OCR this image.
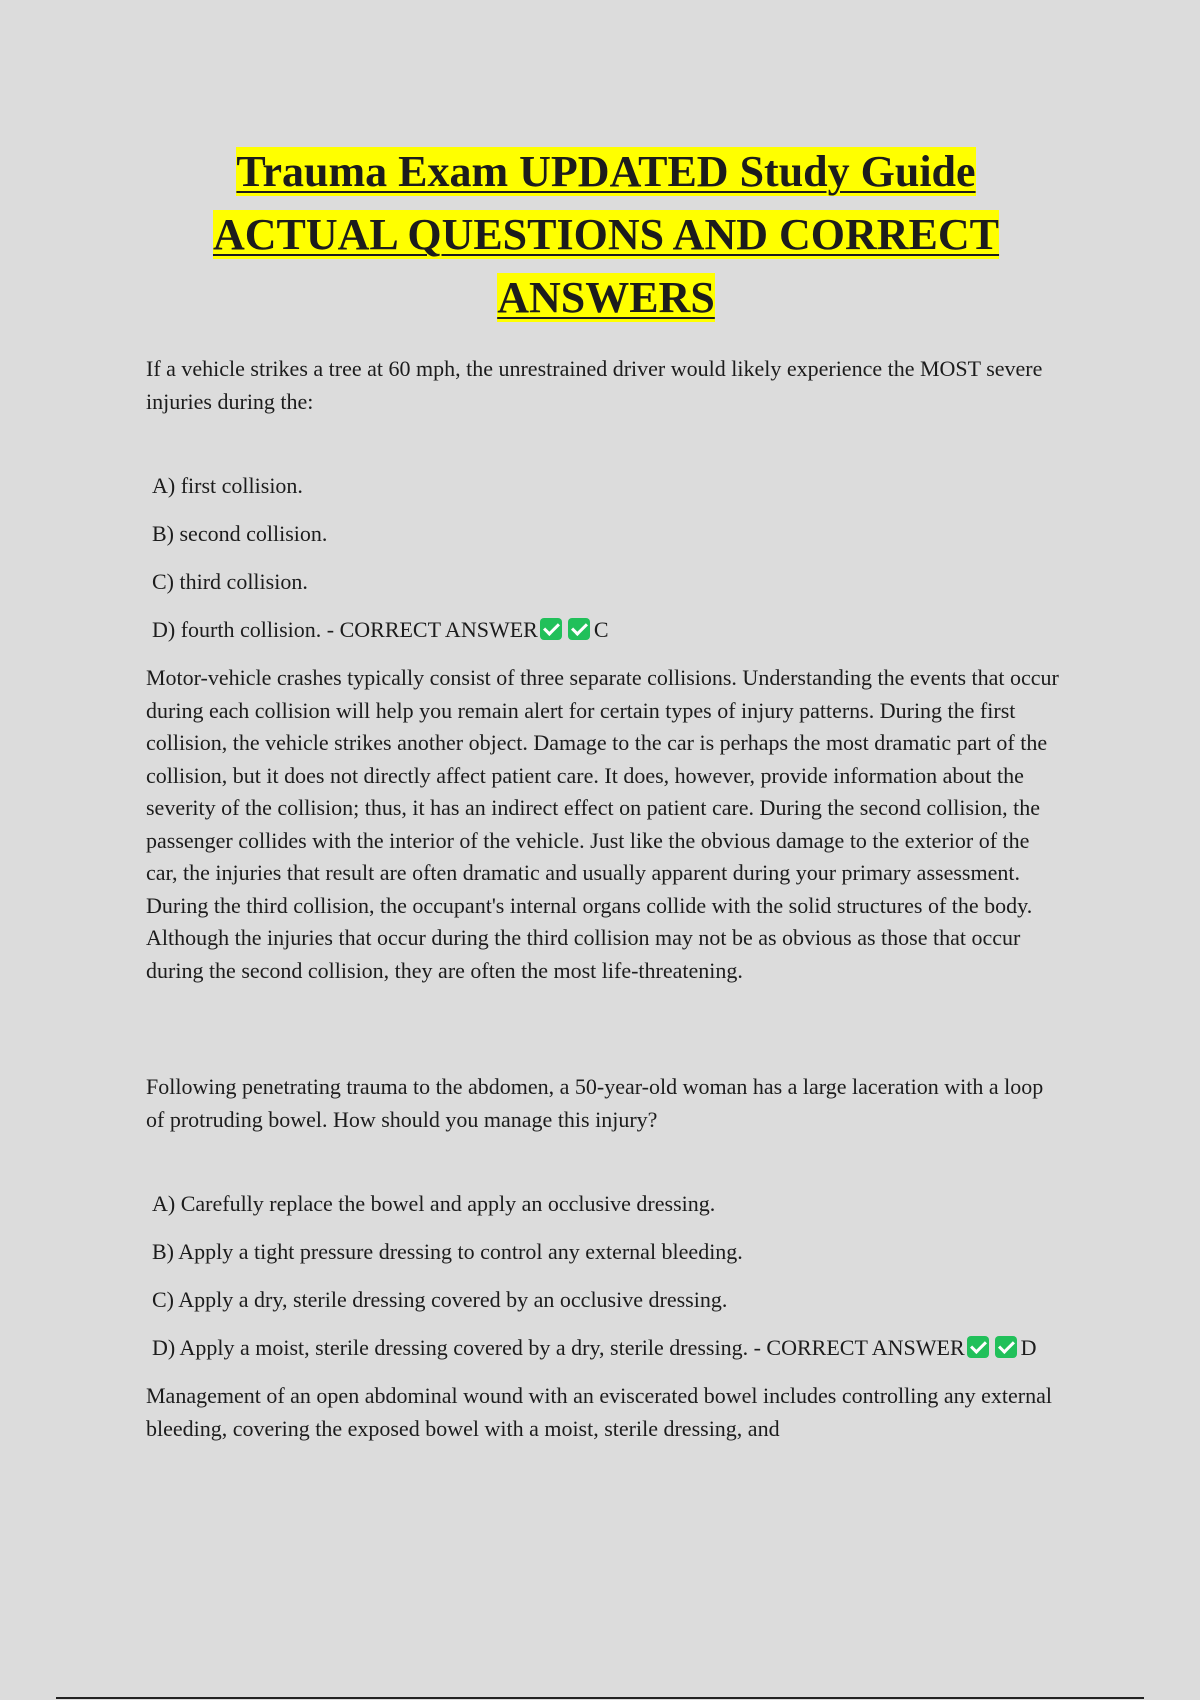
Trauma Exam UPDATED Study Guide
ACTUAL QUESTIONS AND CORRECT
ANSWERS

If a vehicle strikes a tree at 60 mph, the unrestrained driver would likely experience the MOST severe injuries during the:

A) first collision.

B) second collision.

C) third collision.

D) fourth collision. - CORRECT ANSWER	C

Motor-vehicle crashes typically consist of three separate collisions. Understanding the events that occur during each collision will help you remain alert for certain types of injury patterns. During the first collision, the vehicle strikes another object. Damage to the car is perhaps the most dramatic part of the collision, but it does not directly affect patient care. It does, however, provide information about the severity of the collision; thus, it has an indirect effect on patient care. During the second collision, the passenger collides with the interior of the vehicle. Just like the obvious damage to the exterior of the car, the injuries that result are often dramatic and usually apparent during your primary assessment. During the third collision, the occupant's internal organs collide with the solid structures of the body. Although the injuries that occur during the third collision may not be as obvious as those that occur during the second collision, they are often the most life-threatening.

Following penetrating trauma to the abdomen, a 50-year-old woman has a large laceration with a loop of protruding bowel. How should you manage this injury?

A) Carefully replace the bowel and apply an occlusive dressing.

B) Apply a tight pressure dressing to control any external bleeding.

C) Apply a dry, sterile dressing covered by an occlusive dressing.

D) Apply a moist, sterile dressing covered by a dry, sterile dressing. - CORRECT ANSWER	D

Management of an open abdominal wound with an eviscerated bowel includes controlling any external bleeding, covering the exposed bowel with a moist, sterile dressing, and
